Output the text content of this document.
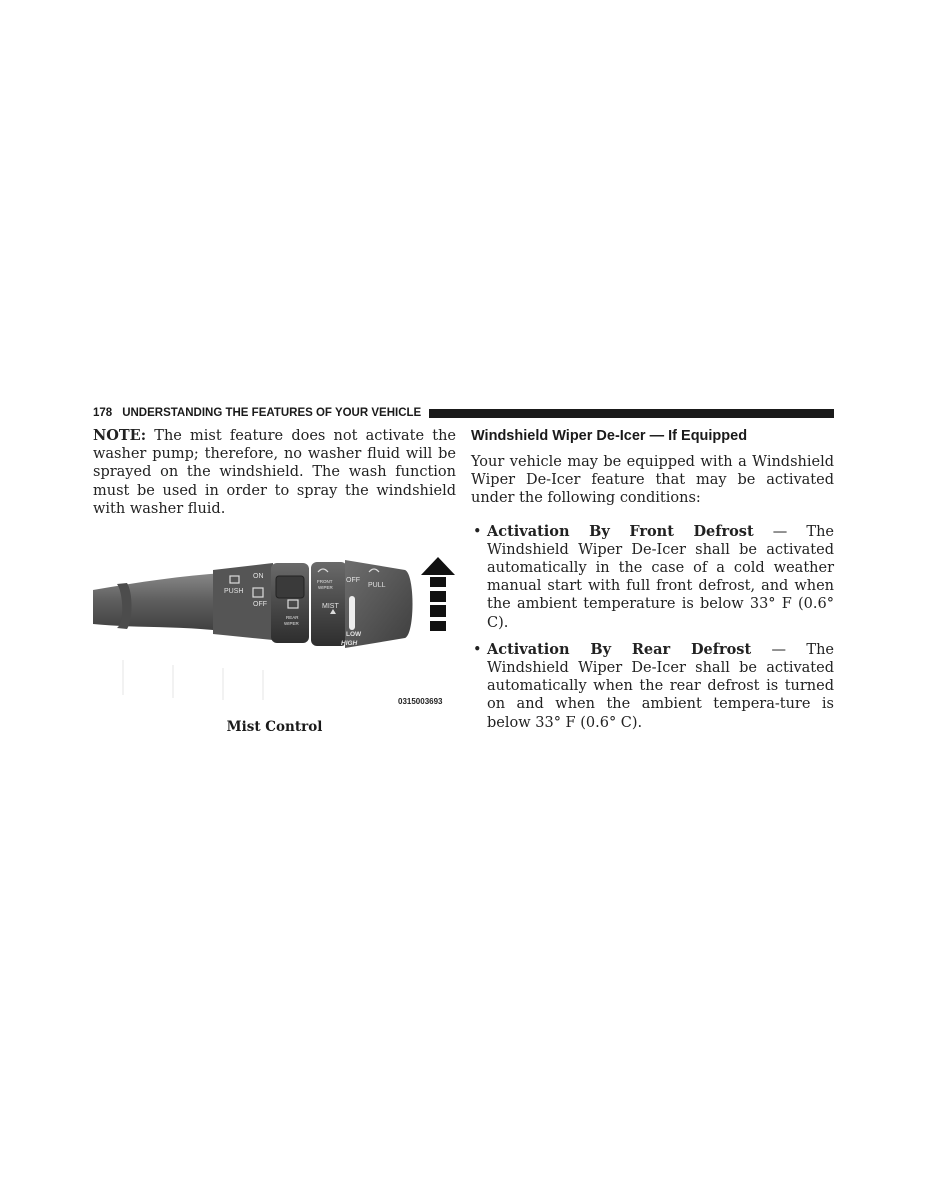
178 UNDERSTANDING THE FEATURES OF YOUR VEHICLE

NOTE: The mist feature does not activate the washer pump; therefore, no washer fluid will be sprayed on the windshield. The wash function must be used in order to spray the windshield with washer fluid.

PUSH
ON
OFF
REAR
WIPER
FRONT
WIPER
MIST
OFF
PULL
LOW
HIGH
0315003693
Mist Control
Windshield Wiper De-Icer — If Equipped

Your vehicle may be equipped with a Windshield Wiper De-Icer feature that may be activated under the following conditions:

• Activation By Front Defrost — The Windshield Wiper De-Icer shall be activated automatically in the case of a cold weather manual start with full front defrost, and when the ambient temperature is below 33° F (0.6° C).

• Activation By Rear Defrost — The Windshield Wiper De-Icer shall be activated automatically when the rear defrost is turned on and when the ambient tempera-ture is below 33° F (0.6° C).
